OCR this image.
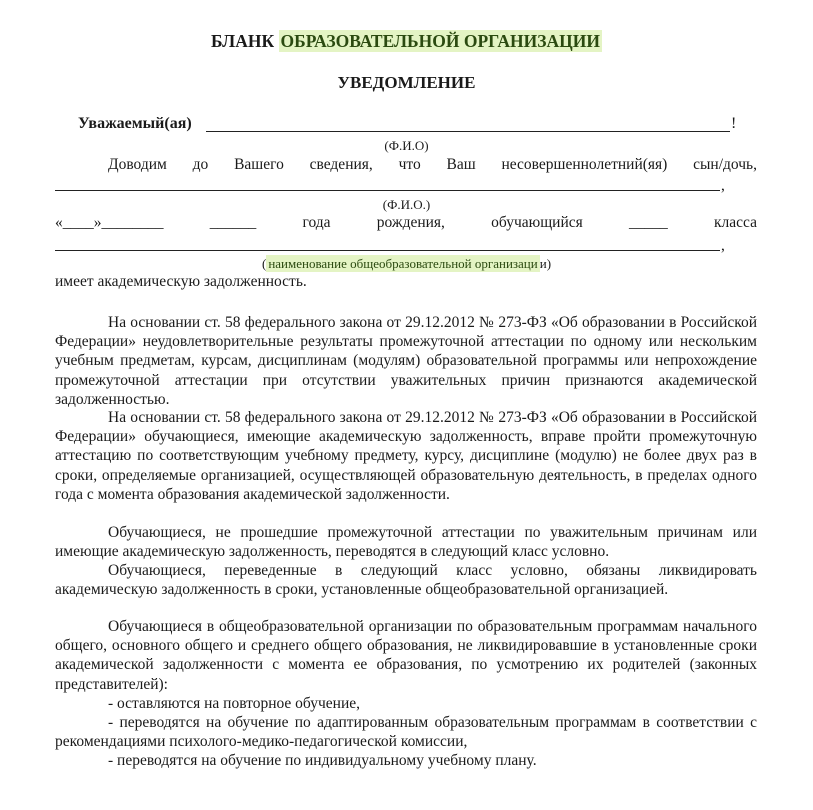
БЛАНК ОБРАЗОВАТЕЛЬНОЙ ОРГАНИЗАЦИИ
УВЕДОМЛЕНИЕ
Уважаемый(ая)	!
(Ф.И.О)
Доводим до Вашего сведения, что Ваш несовершеннолетний(яя) сын/дочь,
,
(Ф.И.О.)
«____»________	______	года	рождения,	обучающийся	_____	класса
,
( наименование общеобразовательной организаци и)
имеет академическую задолженность.

На основании ст. 58 федерального закона от 29.12.2012 № 273-ФЗ «Об образовании в Российской Федерации» неудовлетворительные результаты промежуточной аттестации по одному или нескольким учебным предметам, курсам, дисциплинам (модулям) образовательной программы или непрохождение промежуточной аттестации при отсутствии уважительных причин признаются академической задолженностью.

На основании ст. 58 федерального закона от 29.12.2012 № 273-ФЗ «Об образовании в Российской Федерации» обучающиеся, имеющие академическую задолженность, вправе пройти промежуточную аттестацию по соответствующим учебному предмету, курсу, дисциплине (модулю) не более двух раз в сроки, определяемые организацией, осуществляющей образовательную деятельность, в пределах одного года с момента образования академической задолженности.

Обучающиеся, не прошедшие промежуточной аттестации по уважительным причинам или имеющие академическую задолженность, переводятся в следующий класс условно.

Обучающиеся, переведенные в следующий класс условно, обязаны ликвидировать академическую задолженность в сроки, установленные общеобразовательной организацией.

Обучающиеся в общеобразовательной организации по образовательным программам начального общего, основного общего и среднего общего образования, не ликвидировавшие в установленные сроки академической задолженности с момента ее образования, по усмотрению их родителей (законных представителей):

- оставляются на повторное обучение,

- переводятся на обучение по адаптированным образовательным программам в соответствии с рекомендациями психолого-медико-педагогической комиссии,

- переводятся на обучение по индивидуальному учебному плану.
